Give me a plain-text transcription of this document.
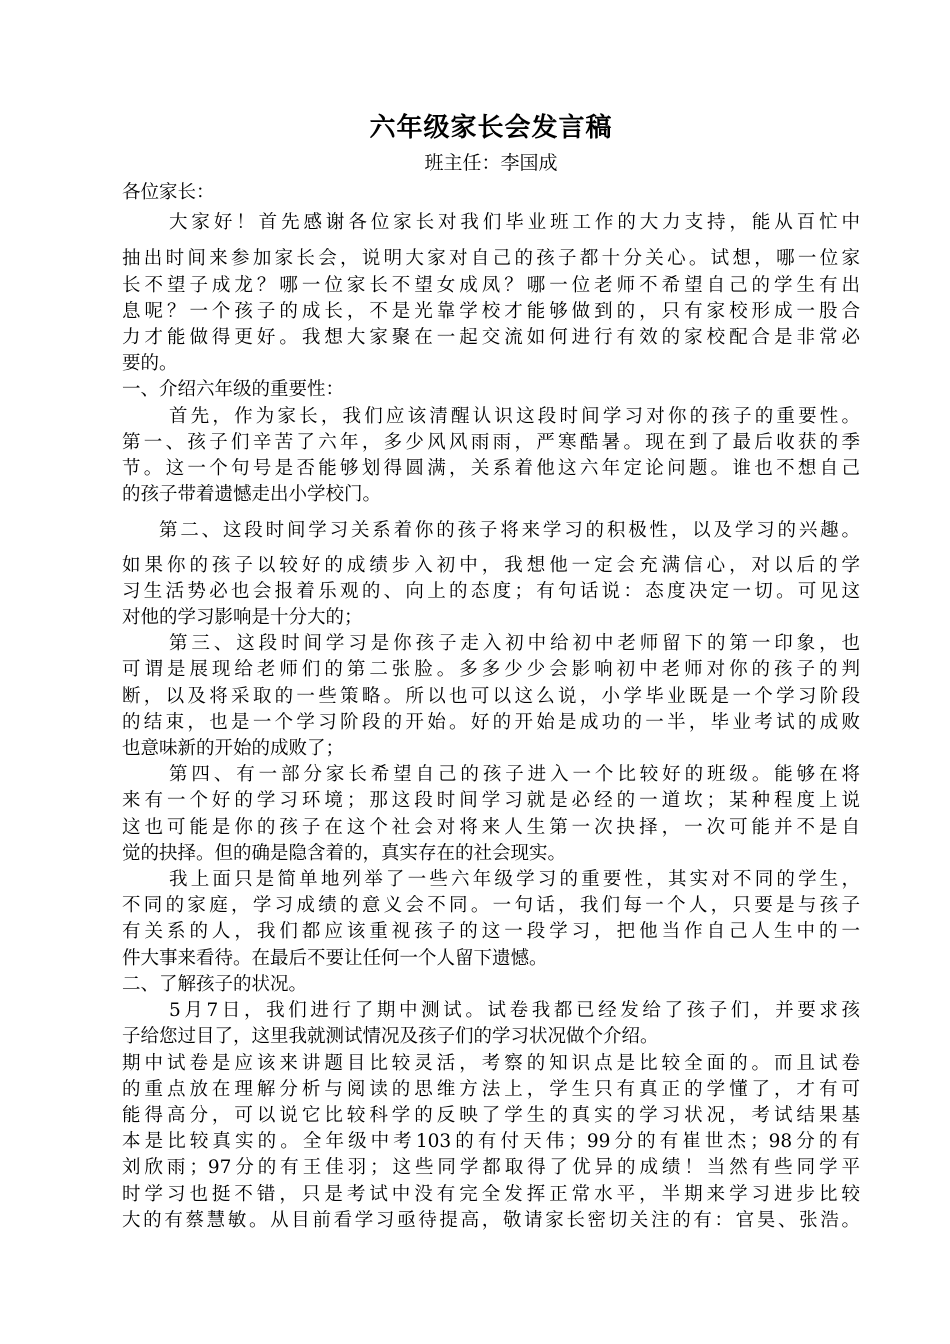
六年级家长会发言稿

班主任：李国成

各位家长：

大家好！首先感谢各位家长对我们毕业班工作的大力支持，能从百忙中

抽出时间来参加家长会，说明大家对自己的孩子都十分关心。试想，哪一位家

长不望子成龙？哪一位家长不望女成凤？哪一位老师不希望自己的学生有出

息呢？一个孩子的成长，不是光靠学校才能够做到的，只有家校形成一股合

力才能做得更好。我想大家聚在一起交流如何进行有效的家校配合是非常必

要的。

一、介绍六年级的重要性：

首先，作为家长，我们应该清醒认识这段时间学习对你的孩子的重要性。

第一、孩子们辛苦了六年，多少风风雨雨，严寒酷暑。现在到了最后收获的季

节。这一个句号是否能够划得圆满，关系着他这六年定论问题。谁也不想自己

的孩子带着遗憾走出小学校门。

第二、这段时间学习关系着你的孩子将来学习的积极性，以及学习的兴趣。

如果你的孩子以较好的成绩步入初中，我想他一定会充满信心，对以后的学

习生活势必也会报着乐观的、向上的态度；有句话说：态度决定一切。可见这

对他的学习影响是十分大的；

第三、这段时间学习是你孩子走入初中给初中老师留下的第一印象，也

可谓是展现给老师们的第二张脸。多多少少会影响初中老师对你的孩子的判

断，以及将采取的一些策略。所以也可以这么说，小学毕业既是一个学习阶段

的结束，也是一个学习阶段的开始。好的开始是成功的一半，毕业考试的成败

也意味新的开始的成败了；

第四、有一部分家长希望自己的孩子进入一个比较好的班级。能够在将

来有一个好的学习环境；那这段时间学习就是必经的一道坎；某种程度上说

这也可能是你的孩子在这个社会对将来人生第一次抉择，一次可能并不是自

觉的抉择。但的确是隐含着的，真实存在的社会现实。

我上面只是简单地列举了一些六年级学习的重要性，其实对不同的学生，

不同的家庭，学习成绩的意义会不同。一句话，我们每一个人，只要是与孩子

有关系的人，我们都应该重视孩子的这一段学习，把他当作自己人生中的一

件大事来看待。在最后不要让任何一个人留下遗憾。

二、了解孩子的状况。

5月7日，我们进行了期中测试。试卷我都已经发给了孩子们，并要求孩

子给您过目了，这里我就测试情况及孩子们的学习状况做个介绍。

期中试卷是应该来讲题目比较灵活，考察的知识点是比较全面的。而且试卷

的重点放在理解分析与阅读的思维方法上，学生只有真正的学懂了，才有可

能得高分，可以说它比较科学的反映了学生的真实的学习状况，考试结果基

本是比较真实的。全年级中考103的有付天伟；99分的有崔世杰；98分的有

刘欣雨；97分的有王佳羽；这些同学都取得了优异的成绩！当然有些同学平

时学习也挺不错，只是考试中没有完全发挥正常水平，半期来学习进步比较

大的有蔡慧敏。从目前看学习亟待提高，敬请家长密切关注的有：官昊、张浩。
